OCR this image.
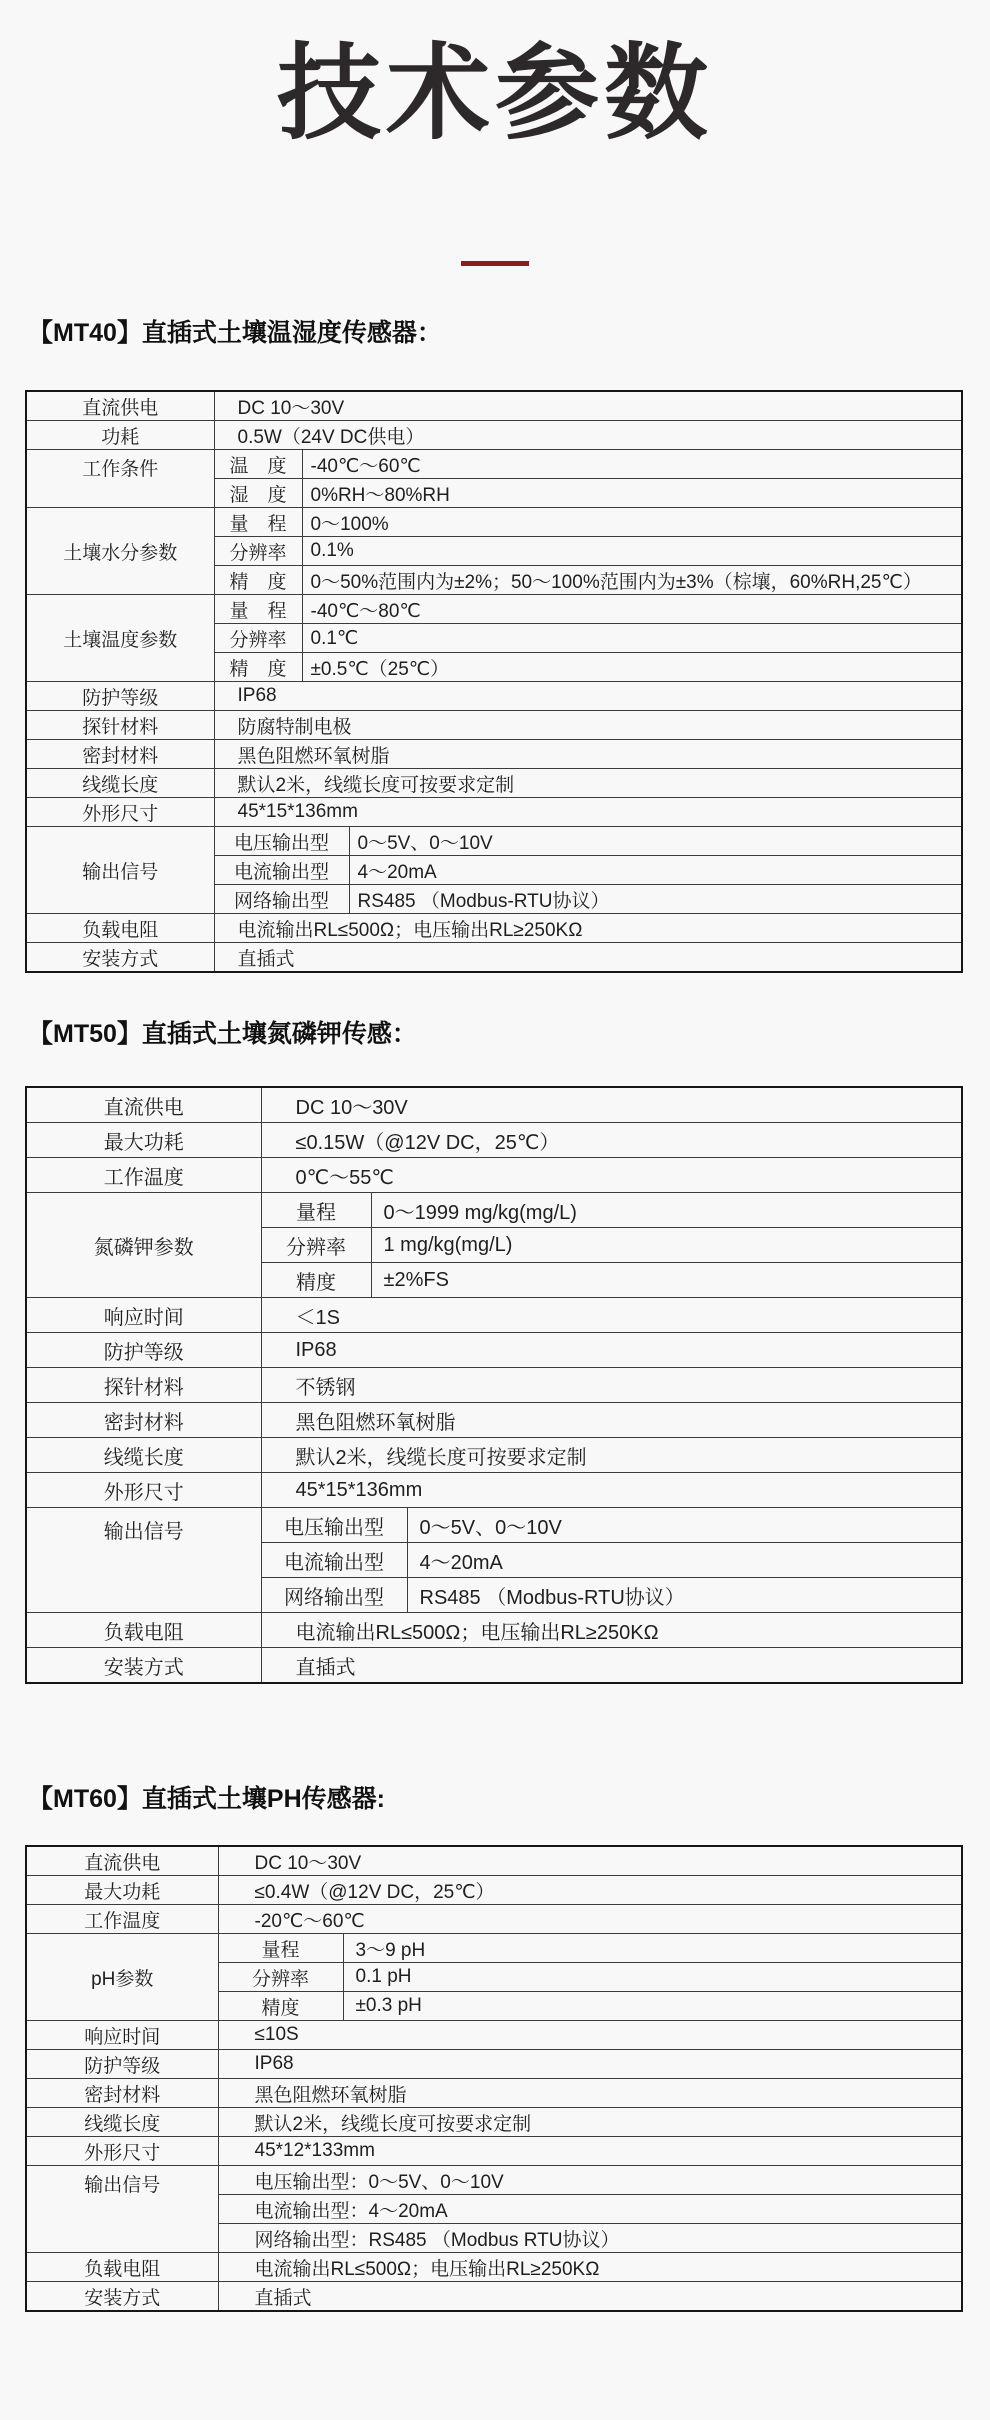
技术参数
【MT40】直插式土壤温湿度传感器：
直流供电	DC 10～30V		
功耗	0.5W（24V DC供电）		
工作条件	温　度	-40℃～60℃	
	湿　度	0%RH～80%RH	
土壤水分参数	量　程	0～100%	
	分辨率	0.1%	
	精　度	0～50%范围内为±2%；50～100%范围内为±3%（棕壤，60%RH,25℃）	
土壤温度参数	量　程	-40℃～80℃	
	分辨率	0.1℃	
	精　度	±0.5℃（25℃）	
防护等级	IP68		
探针材料	防腐特制电极		
密封材料	黑色阻燃环氧树脂		
线缆长度	默认2米，线缆长度可按要求定制		
外形尺寸	45*15*136mm		
输出信号	电压输出型		0～5V、0～10V
	电流输出型		4～20mA
	网络输出型		RS485 （Modbus-RTU协议）
负载电阻	电流输出RL≤500Ω；电压输出RL≥250KΩ		
安装方式	直插式		
【MT50】直插式土壤氮磷钾传感：
直流供电	DC 10～30V		
最大功耗	≤0.15W（@12V DC，25℃）		
工作温度	0℃～55℃		
氮磷钾参数	量程	0～1999 mg/kg(mg/L)	
	分辨率	1 mg/kg(mg/L)	
	精度	±2%FS	
响应时间	＜1S		
防护等级	IP68		
探针材料	不锈钢		
密封材料	黑色阻燃环氧树脂		
线缆长度	默认2米，线缆长度可按要求定制		
外形尺寸	45*15*136mm		
输出信号	电压输出型		0～5V、0～10V
	电流输出型		4～20mA
	网络输出型		RS485 （Modbus-RTU协议）
负载电阻	电流输出RL≤500Ω；电压输出RL≥250KΩ		
安装方式	直插式		
【MT60】直插式土壤PH传感器:
直流供电	DC 10～30V	
最大功耗	≤0.4W（@12V DC，25℃）	
工作温度	-20℃～60℃	
pH参数	量程	3～9 pH
	分辨率	0.1 pH
	精度	±0.3 pH
响应时间	≤10S	
防护等级	IP68	
密封材料	黑色阻燃环氧树脂	
线缆长度	默认2米，线缆长度可按要求定制	
外形尺寸	45*12*133mm	
输出信号	电压输出型：0～5V、0～10V	
	电流输出型：4～20mA	
	网络输出型：RS485 （Modbus RTU协议）	
负载电阻	电流输出RL≤500Ω；电压输出RL≥250KΩ	
安装方式	直插式	
